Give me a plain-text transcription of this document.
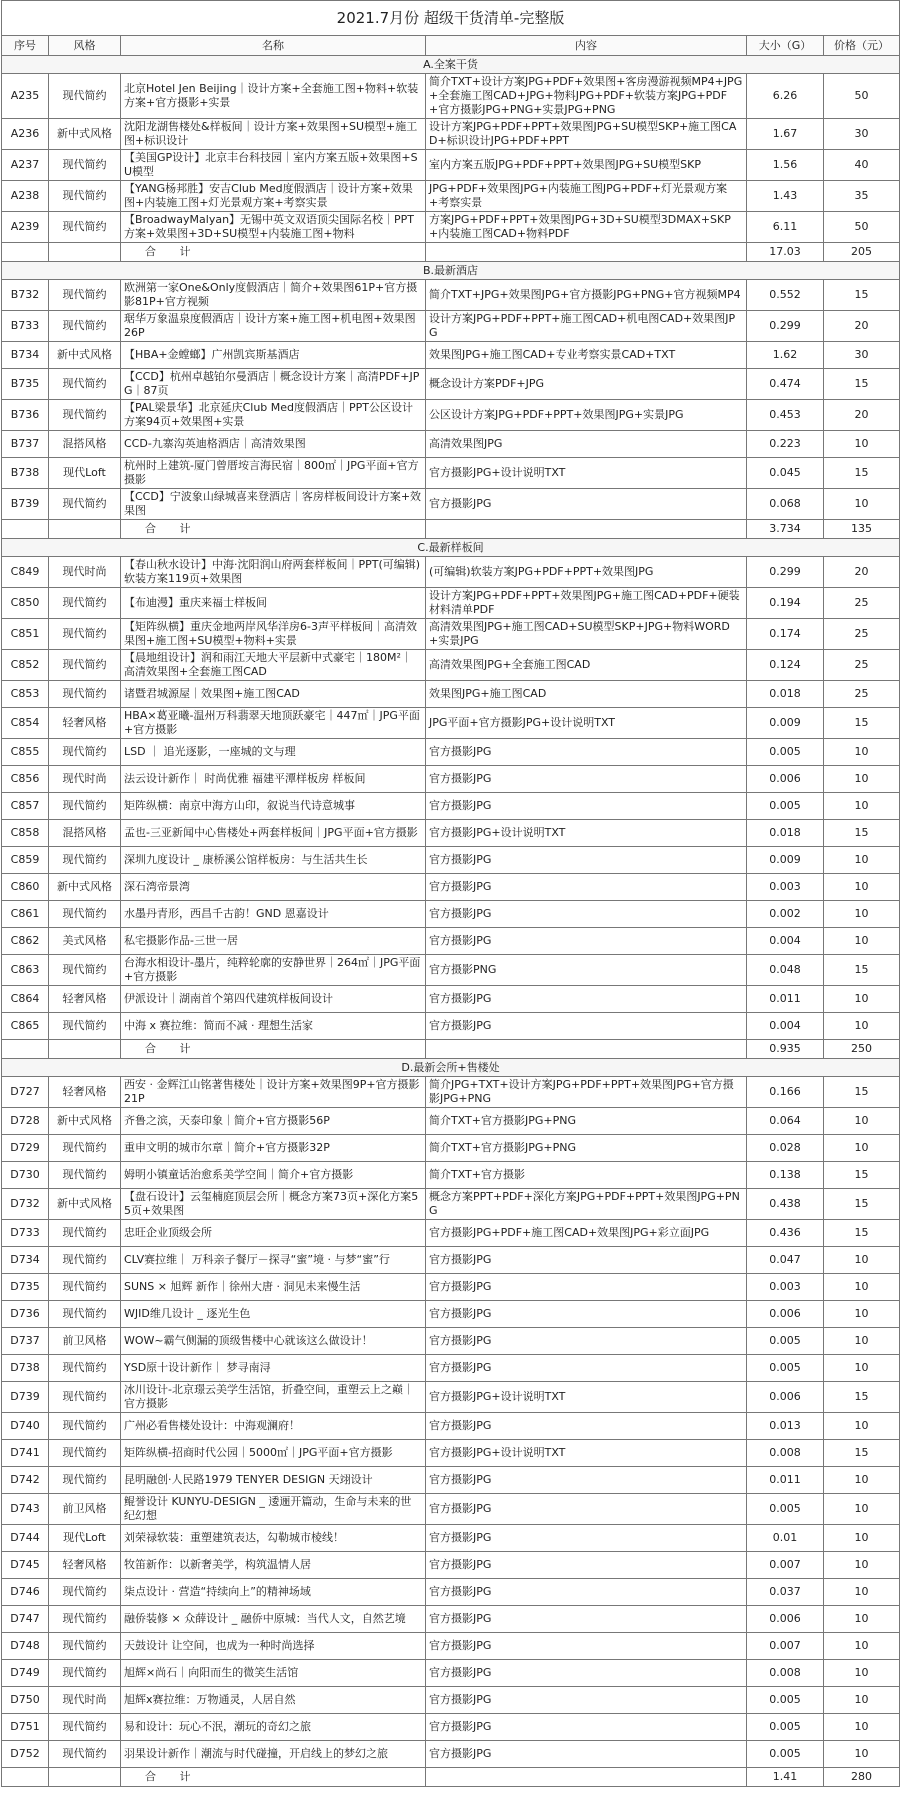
2021.7月份 超级干货清单-完整版					
序号	风格	名称	内容	大小（G）	价格（元）
A.全案干货					
A235	现代简约	北京Hotel Jen Beijing｜设计方案+全套施工图+物料+软装方案+官方摄影+实景	简介TXT+设计方案JPG+PDF+效果图+客房漫游视频MP4+JPG+全套施工图CAD+JPG+物料JPG+PDF+软装方案JPG+PDF+官方摄影JPG+PNG+实景JPG+PNG	6.26	50
A236	新中式风格	沈阳龙湖售楼处&样板间｜设计方案+效果图+SU模型+施工图+标识设计	设计方案JPG+PDF+PPT+效果图JPG+SU模型SKP+施工图CAD+标识设计JPG+PDF+PPT	1.67	30
A237	现代简约	【美国GP设计】北京丰台科技园｜室内方案五版+效果图+SU模型	室内方案五版JPG+PDF+PPT+效果图JPG+SU模型SKP	1.56	40
A238	现代简约	【YANG杨邦胜】安吉Club Med度假酒店｜设计方案+效果图+内装施工图+灯光景观方案+考察实景	JPG+PDF+效果图JPG+内装施工图JPG+PDF+灯光景观方案+考察实景	1.43	35
A239	现代简约	【BroadwayMalyan】无锡中英文双语顶尖国际名校｜PPT方案+效果图+3D+SU模型+内装施工图+物料	方案JPG+PDF+PPT+效果图JPG+3D+SU模型3DMAX+SKP+内装施工图CAD+物料PDF	6.11	50
		合 计		17.03	205
B.最新酒店					
B732	现代简约	欧洲第一家One&Only度假酒店｜简介+效果图61P+官方摄影81P+官方视频	简介TXT+JPG+效果图JPG+官方摄影JPG+PNG+官方视频MP4	0.552	15
B733	现代简约	琚华万象温泉度假酒店｜设计方案+施工图+机电图+效果图26P	设计方案JPG+PDF+PPT+施工图CAD+机电图CAD+效果图JPG	0.299	20
B734	新中式风格	【HBA+金螳螂】广州凯宾斯基酒店	效果图JPG+施工图CAD+专业考察实景CAD+TXT	1.62	30
B735	现代简约	【CCD】杭州卓越铂尔曼酒店｜概念设计方案｜高清PDF+JPG｜87页	概念设计方案PDF+JPG	0.474	15
B736	现代简约	【PAL梁景华】北京延庆Club Med度假酒店｜PPT公区设计方案94页+效果图+实景	公区设计方案JPG+PDF+PPT+效果图JPG+实景JPG	0.453	20
B737	混搭风格	CCD-九寨沟英迪格酒店｜高清效果图	高清效果图JPG	0.223	10
B738	现代Loft	杭州时上建筑-厦门曾厝垵言海民宿｜800㎡｜JPG平面+官方摄影	官方摄影JPG+设计说明TXT	0.045	15
B739	现代简约	【CCD】宁波象山绿城喜来登酒店｜客房样板间设计方案+效果图	官方摄影JPG	0.068	10
		合 计		3.734	135
C.最新样板间					
C849	现代时尚	【春山秋水设计】中海·沈阳润山府两套样板间｜PPT(可编辑)软装方案119页+效果图	(可编辑)软装方案JPG+PDF+PPT+效果图JPG	0.299	20
C850	现代简约	【布迪漫】重庆来福士样板间	设计方案JPG+PDF+PPT+效果图JPG+施工图CAD+PDF+硬装材料清单PDF	0.194	25
C851	现代简约	【矩阵纵横】重庆金地两岸风华洋房6-3声平样板间｜高清效果图+施工图+SU模型+物料+实景	高清效果图JPG+施工图CAD+SU模型SKP+JPG+物料WORD+实景JPG	0.174	25
C852	现代简约	【晨地组设计】润和雨江天地大平层新中式豪宅｜180M²｜高清效果图+全套施工图CAD	高清效果图JPG+全套施工图CAD	0.124	25
C853	现代简约	诸暨君城源屋｜效果图+施工图CAD	效果图JPG+施工图CAD	0.018	25
C854	轻奢风格	HBA×葛亚曦-温州万科翡翠天地顶跃豪宅｜447㎡｜JPG平面+官方摄影	JPG平面+官方摄影JPG+设计说明TXT	0.009	15
C855	现代简约	LSD ｜ 追光逐影，一座城的文与理	官方摄影JPG	0.005	10
C856	现代时尚	法云设计新作｜ 时尚优雅 福建平潭样板房 样板间	官方摄影JPG	0.006	10
C857	现代简约	矩阵纵横：南京中海方山印，叙说当代诗意城事	官方摄影JPG	0.005	10
C858	混搭风格	孟也-三亚新闻中心售楼处+两套样板间｜JPG平面+官方摄影	官方摄影JPG+设计说明TXT	0.018	15
C859	现代简约	深圳九度设计 _ 康桥溪公馆样板房：与生活共生长	官方摄影JPG	0.009	10
C860	新中式风格	深石湾帝景湾	官方摄影JPG	0.003	10
C861	现代简约	水墨丹青形，西昌千古韵！GND 恩嘉设计	官方摄影JPG	0.002	10
C862	美式风格	私宅摄影作品-三世一居	官方摄影JPG	0.004	10
C863	现代简约	台海水相设计-墨片，纯粹轮廓的安静世界｜264㎡｜JPG平面+官方摄影	官方摄影PNG	0.048	15
C864	轻奢风格	伊派设计｜湖南首个第四代建筑样板间设计	官方摄影JPG	0.011	10
C865	现代简约	中海 x 赛拉维：简而不减 · 理想生活家	官方摄影JPG	0.004	10
		合 计		0.935	250
D.最新会所+售楼处					
D727	轻奢风格	西安 · 金辉江山铭著售楼处｜设计方案+效果图9P+官方摄影21P	简介JPG+TXT+设计方案JPG+PDF+PPT+效果图JPG+官方摄影JPG+PNG	0.166	15
D728	新中式风格	齐鲁之滨，天泰印象｜简介+官方摄影56P	简介TXT+官方摄影JPG+PNG	0.064	10
D729	现代简约	重申文明的城市尔章｜简介+官方摄影32P	简介TXT+官方摄影JPG+PNG	0.028	10
D730	现代简约	姆明小镇童话治愈系美学空间｜简介+官方摄影	简介TXT+官方摄影	0.138	15
D732	新中式风格	【盘石设计】云玺楠庭顶层会所｜概念方案73页+深化方案55页+效果图	概念方案PPT+PDF+深化方案JPG+PDF+PPT+效果图JPG+PNG	0.438	15
D733	现代简约	忠旺企业顶级会所	官方摄影JPG+PDF+施工图CAD+效果图JPG+彩立面JPG	0.436	15
D734	现代简约	CLV赛拉维｜ 万科亲子餐厅－探寻“蜜”境 · 与梦“蜜”行	官方摄影JPG	0.047	10
D735	现代简约	SUNS × 旭辉 新作｜徐州大唐 · 洞见未来慢生活	官方摄影JPG	0.003	10
D736	现代简约	WJID维几设计 _ 逐光生色	官方摄影JPG	0.006	10
D737	前卫风格	WOW~霸气侧漏的顶级售楼中心就该这么做设计！	官方摄影JPG	0.005	10
D738	现代简约	YSD原十设计新作｜ 梦寻南浔	官方摄影JPG	0.005	10
D739	现代简约	冰川设计-北京璟云美学生活馆，折叠空间，重塑云上之巅｜官方摄影	官方摄影JPG+设计说明TXT	0.006	15
D740	现代简约	广州必看售楼处设计：中海观澜府！	官方摄影JPG	0.013	10
D741	现代简约	矩阵纵横-招商时代公园｜5000㎡｜JPG平面+官方摄影	官方摄影JPG+设计说明TXT	0.008	15
D742	现代简约	昆明融创·人民路1979 TENYER DESIGN 天翊设计	官方摄影JPG	0.011	10
D743	前卫风格	鲲誉设计 KUNYU-DESIGN _ 逶逦开篇动，生命与未来的世纪幻想	官方摄影JPG	0.005	10
D744	现代Loft	刘荣禄软装：重塑建筑表达，勾勒城市棱线！	官方摄影JPG	0.01	10
D745	轻奢风格	牧笛新作：以新奢美学，构筑温情人居	官方摄影JPG	0.007	10
D746	现代简约	柒点设计 · 营造“持续向上”的精神场域	官方摄影JPG	0.037	10
D747	现代简约	融侨装修 × 众薛设计 _ 融侨中原城：当代人文，自然艺境	官方摄影JPG	0.006	10
D748	现代简约	天鼓设计 让空间，也成为一种时尚选择	官方摄影JPG	0.007	10
D749	现代简约	旭辉×尚石｜向阳而生的微笑生活馆	官方摄影JPG	0.008	10
D750	现代时尚	旭辉x赛拉维：万物通灵，人居自然	官方摄影JPG	0.005	10
D751	现代简约	易和设计：玩心不泯，潮玩的奇幻之旅	官方摄影JPG	0.005	10
D752	现代简约	羽果设计新作｜潮流与时代碰撞，开启线上的梦幻之旅	官方摄影JPG	0.005	10
		合 计		1.41	280
